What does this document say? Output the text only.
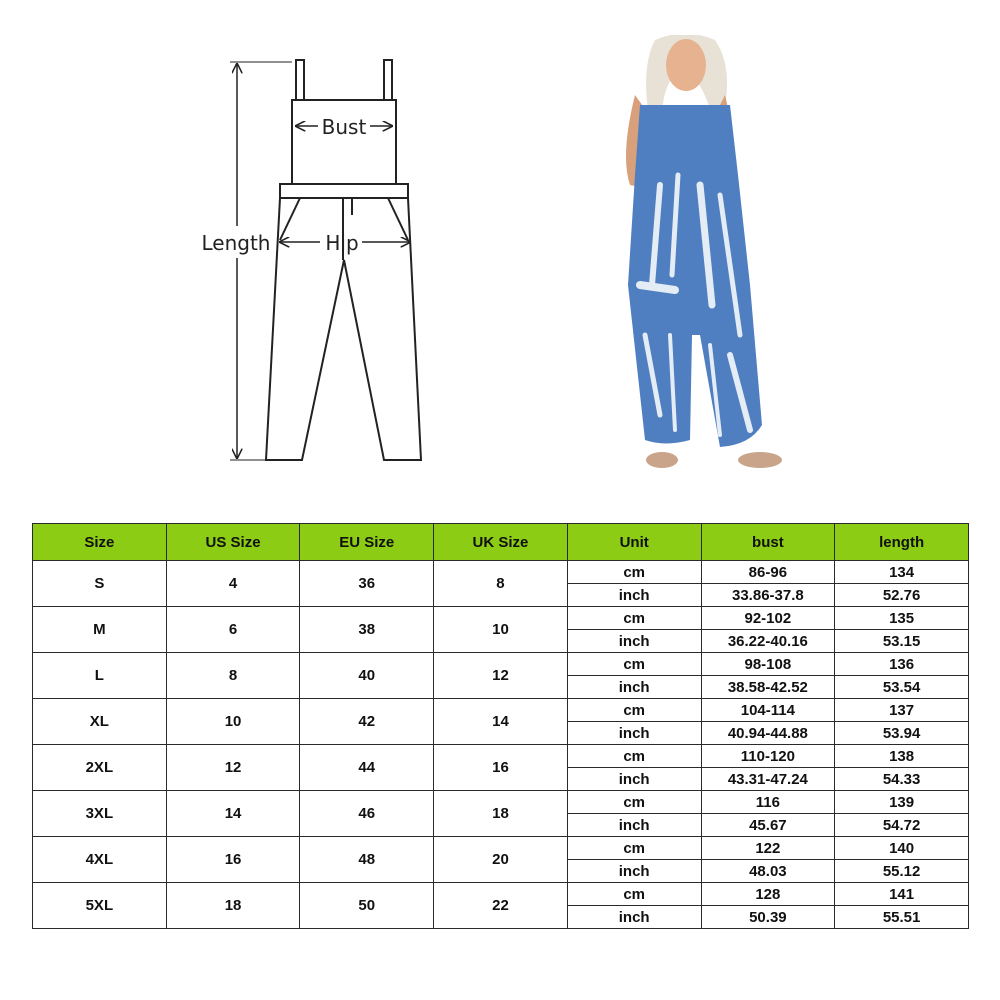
Bust
Hip
Length
Size	US Size	EU Size	UK Size	Unit	bust	length
S	4	36	8	cm	86-96	134
				inch	33.86-37.8	52.76
M	6	38	10	cm	92-102	135
				inch	36.22-40.16	53.15
L	8	40	12	cm	98-108	136
				inch	38.58-42.52	53.54
XL	10	42	14	cm	104-114	137
				inch	40.94-44.88	53.94
2XL	12	44	16	cm	110-120	138
				inch	43.31-47.24	54.33
3XL	14	46	18	cm	116	139
				inch	45.67	54.72
4XL	16	48	20	cm	122	140
				inch	48.03	55.12
5XL	18	50	22	cm	128	141
				inch	50.39	55.51
